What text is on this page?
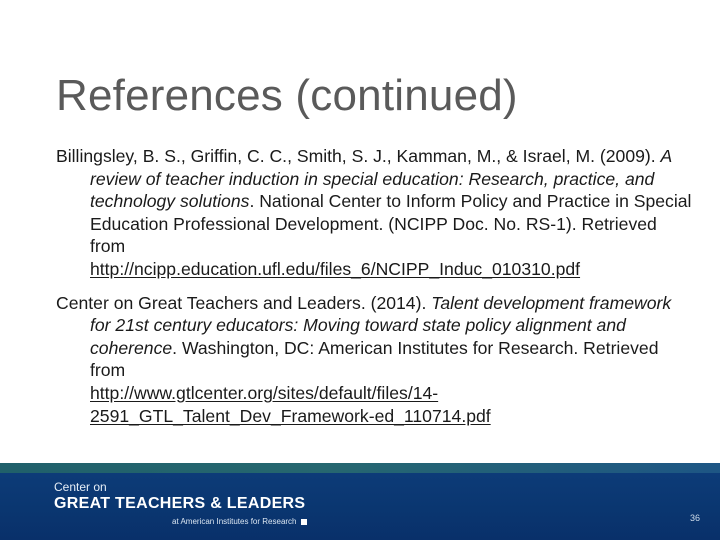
References (continued)

Billingsley, B. S., Griffin, C. C., Smith, S. J., Kamman, M., & Israel, M. (2009). A review of teacher induction in special education: Research, practice, and technology solutions. National Center to Inform Policy and Practice in Special Education Professional Development. (NCIPP Doc. No. RS-1). Retrieved from
http://ncipp.education.ufl.edu/files_6/NCIPP_Induc_010310.pdf

Center on Great Teachers and Leaders. (2014). Talent development framework for 21st century educators: Moving toward state policy alignment and coherence. Washington, DC: American Institutes for Research. Retrieved from
http://www.gtlcenter.org/sites/default/files/14-
2591_GTL_Talent_Dev_Framework-ed_110714.pdf

Center on
GREAT TEACHERS & LEADERS
at American Institutes for Research	36
